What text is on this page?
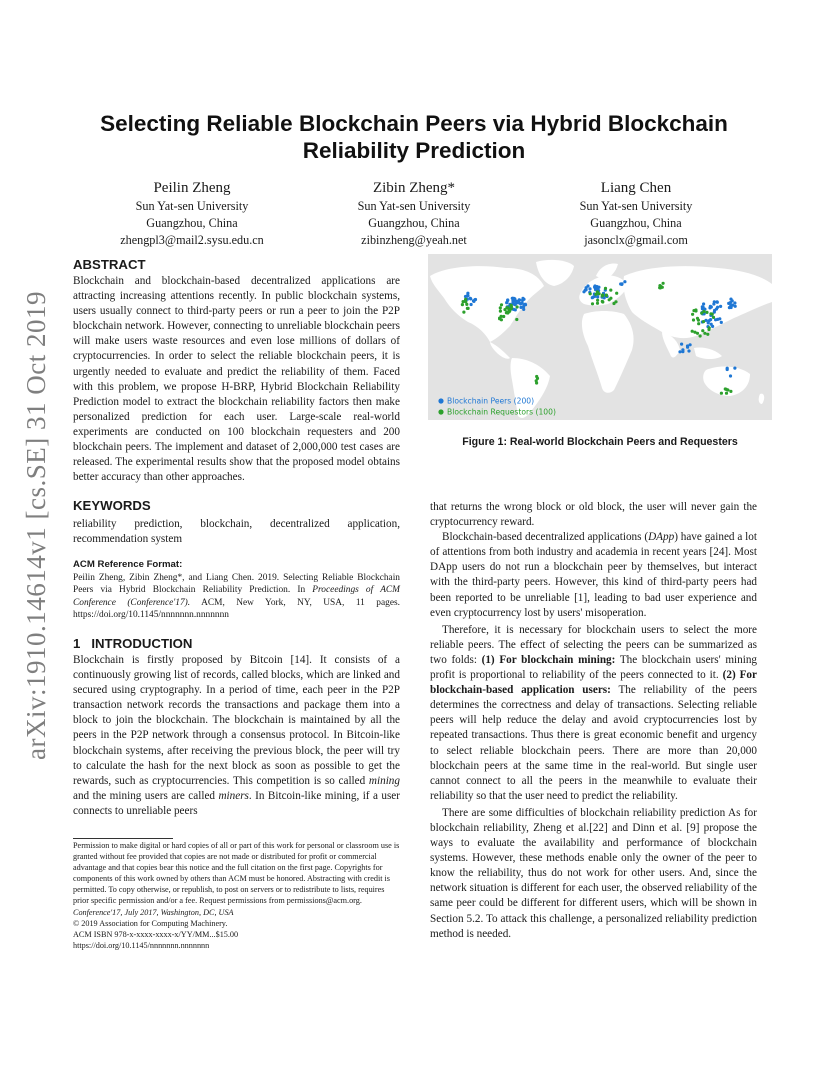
arXiv:1910.14614v1 [cs.SE] 31 Oct 2019
Selecting Reliable Blockchain Peers via Hybrid Blockchain
Reliability Prediction
Peilin Zheng
Sun Yat-sen University
Guangzhou, China
zhengpl3@mail2.sysu.edu.cn
Zibin Zheng*
Sun Yat-sen University
Guangzhou, China
zibinzheng@yeah.net
Liang Chen
Sun Yat-sen University
Guangzhou, China
jasonclx@gmail.com
ABSTRACT

Blockchain and blockchain-based decentralized applications are attracting increasing attentions recently. In public blockchain systems, users usually connect to third-party peers or run a peer to join the P2P blockchain network. However, connecting to unreliable blockchain peers will make users waste resources and even lose millions of dollars of cryptocurrencies. In order to select the reliable blockchain peers, it is urgently needed to evaluate and predict the reliability of them. Faced with this problem, we propose H-BRP, Hybrid Blockchain Reliability Prediction model to extract the blockchain reliability factors then make personalized prediction for each user. Large-scale real-world experiments are conducted on 100 blockchain requesters and 200 blockchain peers. The implement and dataset of 2,000,000 test cases are released. The experimental results show that the proposed model obtains better accuracy than other approaches.

KEYWORDS

reliability prediction, blockchain, decentralized application, recommendation system

ACM Reference Format:

Peilin Zheng, Zibin Zheng*, and Liang Chen. 2019. Selecting Reliable Blockchain Peers via Hybrid Blockchain Reliability Prediction. In Proceedings of ACM Conference (Conference'17). ACM, New York, NY, USA, 11 pages. https://doi.org/10.1145/nnnnnnn.nnnnnnn

1 INTRODUCTION

Blockchain is firstly proposed by Bitcoin [14]. It consists of a continuously growing list of records, called blocks, which are linked and secured using cryptography. In a period of time, each peer in the P2P transaction network records the transactions and package them into a block to join the blockchain. The blockchain is maintained by all the peers in the P2P network through a consensus protocol. In Bitcoin-like blockchain systems, after receiving the previous block, the peer will try to calculate the hash for the next block as soon as possible to get the rewards, such as cryptocurrencies. This competition is so called mining and the mining users are called miners. In Bitcoin-like mining, if a user connects to unreliable peers

Permission to make digital or hard copies of all or part of this work for personal or classroom use is granted without fee provided that copies are not made or distributed for profit or commercial advantage and that copies bear this notice and the full citation on the first page. Copyrights for components of this work owned by others than ACM must be honored. Abstracting with credit is permitted. To copy otherwise, or republish, to post on servers or to redistribute to lists, requires prior specific permission and/or a fee. Request permissions from permissions@acm.org.
Conference'17, July 2017, Washington, DC, USA
© 2019 Association for Computing Machinery.
ACM ISBN 978-x-xxxx-xxxx-x/YY/MM...$15.00
https://doi.org/10.1145/nnnnnnn.nnnnnnn
Blockchain Peers (200)
Blockchain Requestors (100)
Figure 1: Real-world Blockchain Peers and Requesters

that returns the wrong block or old block, the user will never gain the cryptocurrency reward.

Blockchain-based decentralized applications (DApp) have gained a lot of attentions from both industry and academia in recent years [24]. Most DApp users do not run a blockchain peer by themselves, but interact with the third-party peers. However, this kind of third-party peers had been reported to be unreliable [1], leading to bad user experience and even cryptocurrency lost by users' misoperation.

Therefore, it is necessary for blockchain users to select the more reliable peers. The effect of selecting the peers can be summarized as two folds: (1) For blockchain mining: The blockchain users' mining profit is proportional to reliability of the peers connected to it. (2) For blockchain-based application users: The reliability of the peers determines the correctness and delay of transactions. Selecting reliable peers will help reduce the delay and avoid cryptocurrencies lost by repeated transactions. Thus there is great economic benefit and urgency to select reliable blockchain peers. There are more than 20,000 blockchain peers at the same time in the real-world. But single user cannot connect to all the peers in the meanwhile to evaluate their reliability so that the user need to predict the reliability.

There are some difficulties of blockchain reliability prediction As for blockchain reliability, Zheng et al.[22] and Dinn et al. [9] propose the ways to evaluate the availability and performance of blockchain systems. However, these methods enable only the owner of the peer to know the reliability, thus do not work for other users. And, since the network situation is different for each user, the observed reliability of the same peer could be different for different users, which will be shown in Section 5.2. To attack this challenge, a personalized reliability prediction method is needed.
